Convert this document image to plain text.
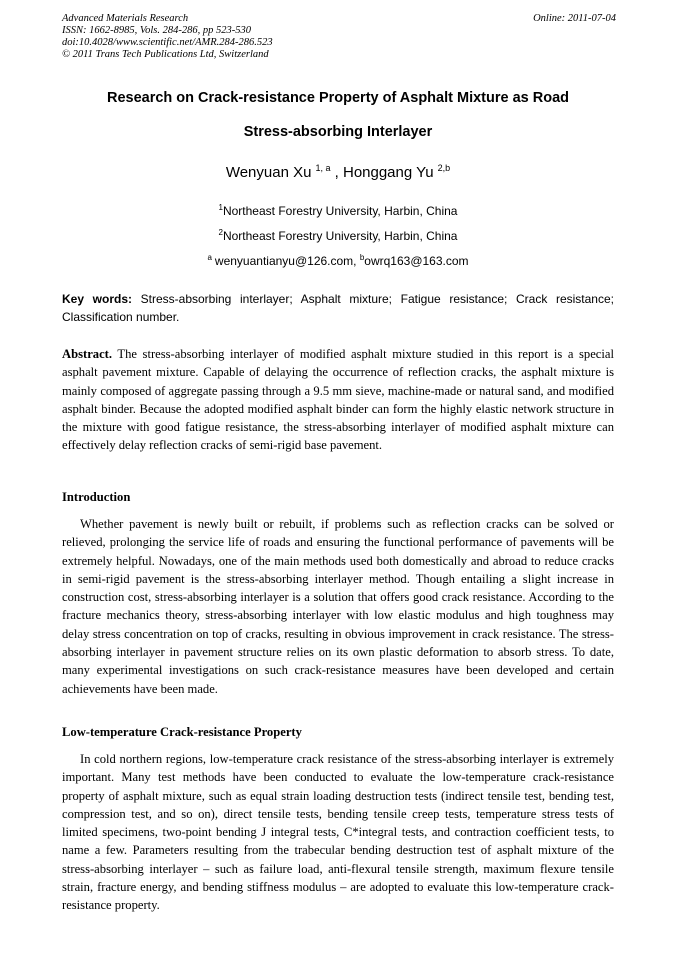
Advanced Materials Research
ISSN: 1662-8985, Vols. 284-286, pp 523-530
doi:10.4028/www.scientific.net/AMR.284-286.523
© 2011 Trans Tech Publications Ltd, Switzerland
Online: 2011-07-04
Research on Crack-resistance Property of Asphalt Mixture as Road
Stress-absorbing Interlayer
Wenyuan Xu $^{1, a}$ , Honggang Yu $^{2,b}$
$^1$Northeast Forestry University, Harbin, China
$^2$Northeast Forestry University, Harbin, China
$^a$ wenyuantianyu@126.com, $^b$owrq163@163.com
Key words: Stress-absorbing interlayer; Asphalt mixture; Fatigue resistance; Crack resistance; Classification number.
Abstract. The stress-absorbing interlayer of modified asphalt mixture studied in this report is a special asphalt pavement mixture. Capable of delaying the occurrence of reflection cracks, the asphalt mixture is mainly composed of aggregate passing through a 9.5 mm sieve, machine-made or natural sand, and modified asphalt binder. Because the adopted modified asphalt binder can form the highly elastic network structure in the mixture with good fatigue resistance, the stress-absorbing interlayer of modified asphalt mixture can effectively delay reflection cracks of semi-rigid base pavement.
Introduction
Whether pavement is newly built or rebuilt, if problems such as reflection cracks can be solved or relieved, prolonging the service life of roads and ensuring the functional performance of pavements will be extremely helpful. Nowadays, one of the main methods used both domestically and abroad to reduce cracks in semi-rigid pavement is the stress-absorbing interlayer method. Though entailing a slight increase in construction cost, stress-absorbing interlayer is a solution that offers good crack resistance. According to the fracture mechanics theory, stress-absorbing interlayer with low elastic modulus and high toughness may delay stress concentration on top of cracks, resulting in obvious improvement in crack resistance. The stress-absorbing interlayer in pavement structure relies on its own plastic deformation to absorb stress. To date, many experimental investigations on such crack-resistance measures have been developed and certain achievements have been made.
Low-temperature Crack-resistance Property
In cold northern regions, low-temperature crack resistance of the stress-absorbing interlayer is extremely important. Many test methods have been conducted to evaluate the low-temperature crack-resistance property of asphalt mixture, such as equal strain loading destruction tests (indirect tensile test, bending test, compression test, and so on), direct tensile tests, bending tensile creep tests, temperature stress tests of limited specimens, two-point bending J integral tests, C*integral tests, and contraction coefficient tests, to name a few. Parameters resulting from the trabecular bending destruction test of asphalt mixture of the stress-absorbing interlayer – such as failure load, anti-flexural tensile strength, maximum flexure tensile strain, fracture energy, and bending stiffness modulus – are adopted to evaluate this low-temperature crack-resistance property.
